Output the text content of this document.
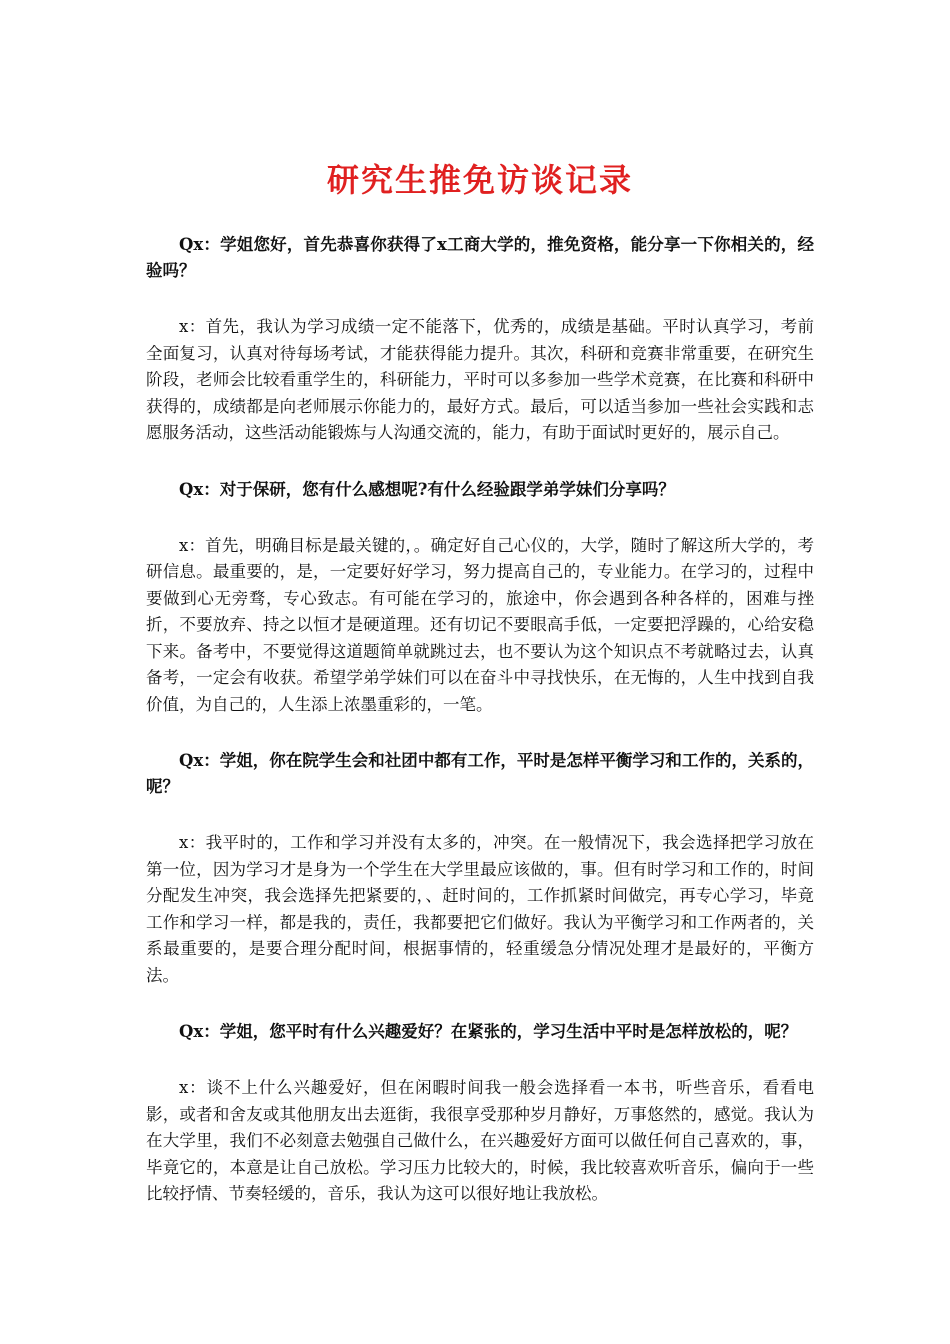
研究生推免访谈记录

Qx：学姐您好，首先恭喜你获得了x工商大学的，推免资格，能分享一下你相关的，经验吗？

x：首先，我认为学习成绩一定不能落下，优秀的，成绩是基础。平时认真学习，考前全面复习，认真对待每场考试，才能获得能力提升。其次，科研和竞赛非常重要，在研究生阶段，老师会比较看重学生的，科研能力，平时可以多参加一些学术竞赛，在比赛和科研中获得的，成绩都是向老师展示你能力的，最好方式。最后，可以适当参加一些社会实践和志愿服务活动，这些活动能锻炼与人沟通交流的，能力，有助于面试时更好的，展示自己。

Qx：对于保研，您有什么感想呢?有什么经验跟学弟学妹们分享吗？

x：首先，明确目标是最关键的，。确定好自己心仪的，大学，随时了解这所大学的，考研信息。最重要的，是，一定要好好学习，努力提高自己的，专业能力。在学习的，过程中要做到心无旁骛，专心致志。有可能在学习的，旅途中，你会遇到各种各样的，困难与挫折，不要放弃、持之以恒才是硬道理。还有切记不要眼高手低，一定要把浮躁的，心给安稳下来。备考中，不要觉得这道题简单就跳过去，也不要认为这个知识点不考就略过去，认真备考，一定会有收获。希望学弟学妹们可以在奋斗中寻找快乐，在无悔的，人生中找到自我价值，为自己的，人生添上浓墨重彩的，一笔。

Qx：学姐，你在院学生会和社团中都有工作，平时是怎样平衡学习和工作的，关系的，呢？

x：我平时的，工作和学习并没有太多的，冲突。在一般情况下，我会选择把学习放在第一位，因为学习才是身为一个学生在大学里最应该做的，事。但有时学习和工作的，时间分配发生冲突，我会选择先把紧要的，、赶时间的，工作抓紧时间做完，再专心学习，毕竟工作和学习一样，都是我的，责任，我都要把它们做好。我认为平衡学习和工作两者的，关系最重要的，是要合理分配时间，根据事情的，轻重缓急分情况处理才是最好的，平衡方法。

Qx：学姐，您平时有什么兴趣爱好？在紧张的，学习生活中平时是怎样放松的，呢？

x：谈不上什么兴趣爱好，但在闲暇时间我一般会选择看一本书，听些音乐，看看电影，或者和舍友或其他朋友出去逛街，我很享受那种岁月静好，万事悠然的，感觉。我认为在大学里，我们不必刻意去勉强自己做什么，在兴趣爱好方面可以做任何自己喜欢的，事，毕竟它的，本意是让自己放松。学习压力比较大的，时候，我比较喜欢听音乐，偏向于一些比较抒情、节奏轻缓的，音乐，我认为这可以很好地让我放松。
